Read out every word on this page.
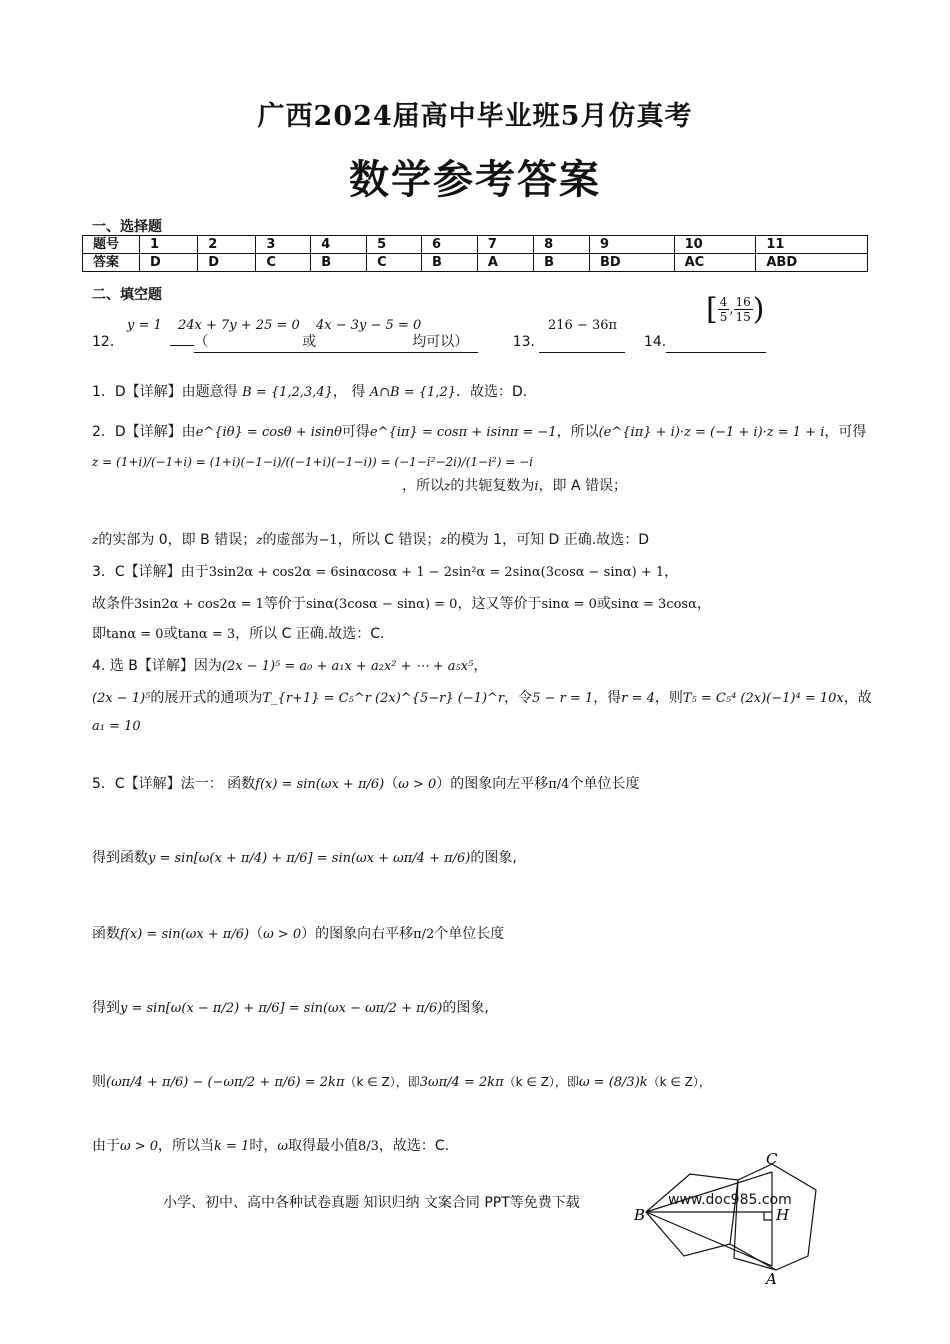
广西2024届高中毕业班5月仿真考
数学参考答案
一、选择题
题号	1	2	3	4	5	6	7	8	9	10	11
答案	D	D	C	B	C	B	A	B	BD	AC	ABD
二、填空题
y = 1 24x + 7y + 25 = 0 4x − 3y − 5 = 0	216 − 36π	[ $\frac{4}{5}$ , $\frac{16}{15}$ )
12．	（	或	均可以）	13.	14.
1．D【详解】由题意得 B = {1,2,3,4}， 得 A∩B = {1,2}．故选：D.
2．D【详解】由e^{iθ} = cosθ + isinθ可得e^{iπ} = cosπ + isinπ = −1，所以(e^{iπ} + i)·z = (−1 + i)·z = 1 + i，可得
z = (1+i)/(−1+i) = (1+i)(−1−i)/((−1+i)(−1−i)) = (−1−i²−2i)/(1−i²) = −i
，所以z的共轭复数为i，即 A 错误；
z的实部为 0，即 B 错误；z的虚部为−1，所以 C 错误；z的模为 1，可知 D 正确.故选：D
3．C【详解】由于3sin2α + cos2α = 6sinαcosα + 1 − 2sin²α = 2sinα(3cosα − sinα) + 1，
故条件3sin2α + cos2α = 1等价于sinα(3cosα − sinα) = 0，这又等价于sinα = 0或sinα = 3cosα，
即tanα = 0或tanα = 3，所以 C 正确.故选：C.
4. 选 B【详解】因为(2x − 1)⁵ = a₀ + a₁x + a₂x² + ⋯ + a₅x⁵，
(2x − 1)⁵的展开式的通项为T_{r+1} = C₅^r (2x)^{5−r} (−1)^r，令5 − r = 1，得r = 4，则T₅ = C₅⁴ (2x)(−1)⁴ = 10x，故
a₁ = 10
5．C【详解】法一： 函数f(x) = sin(ωx + π/6)（ω > 0）的图象向左平移π/4个单位长度
得到函数y = sin[ω(x + π/4) + π/6] = sin(ωx + ωπ/4 + π/6)的图象,
函数f(x) = sin(ωx + π/6)（ω > 0）的图象向右平移π/2个单位长度
得到y = sin[ω(x − π/2) + π/6] = sin(ωx − ωπ/2 + π/6)的图象,
则(ωπ/4 + π/6) − (−ωπ/2 + π/6) = 2kπ（k ∈ Z），即3ωπ/4 = 2kπ（k ∈ Z），即ω = (8/3)k（k ∈ Z），
由于ω > 0，所以当k = 1时，ω取得最小值8/3，故选：C.
小学、初中、高中各种试卷真题 知识归纳 文案合同 PPT等免费下载	www.doc985.com
C
B	H
A
